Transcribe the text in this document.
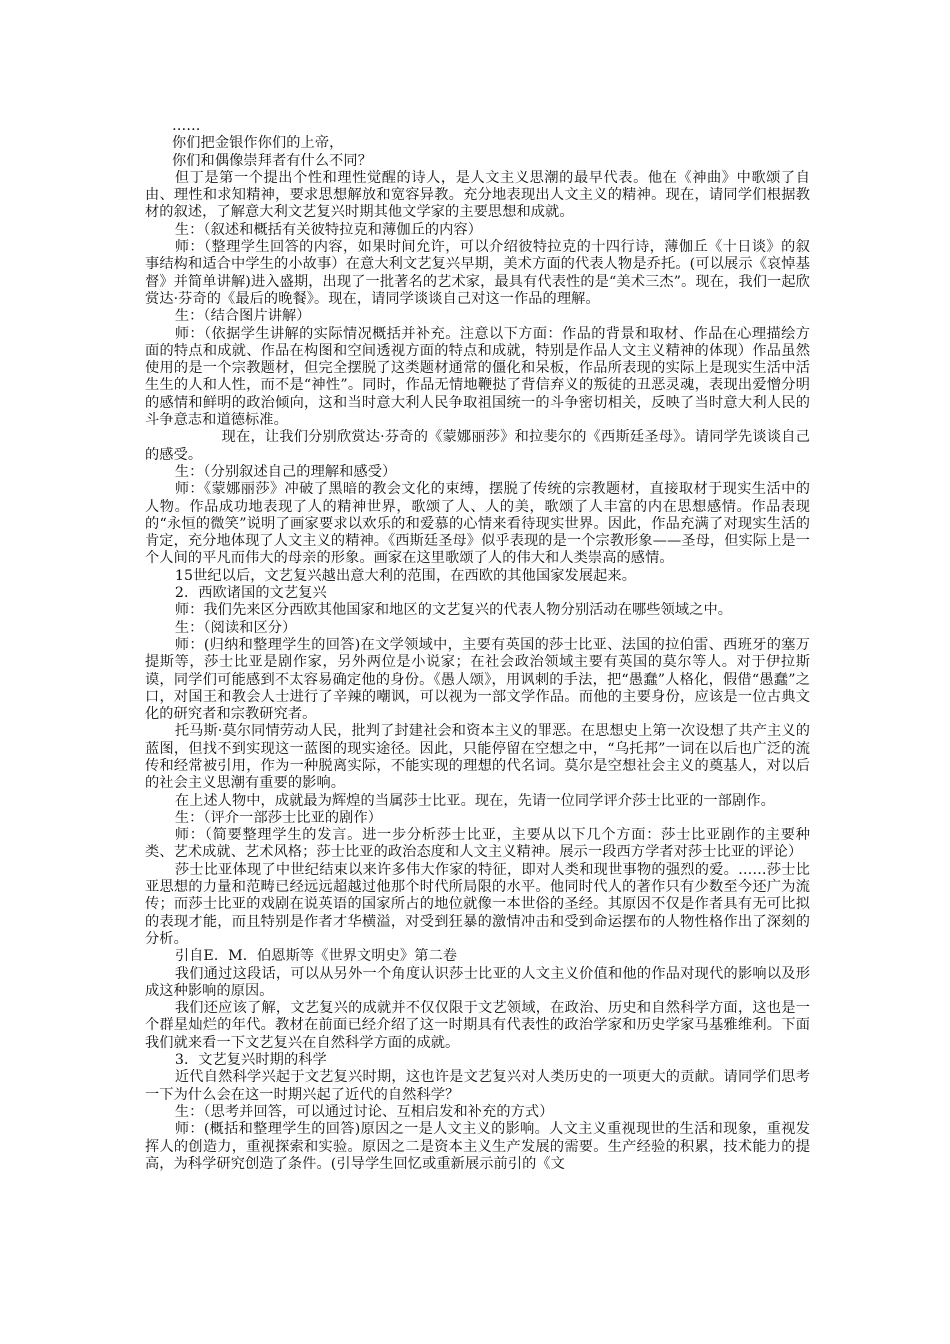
……

你们把金银作你们的上帝，

你们和偶像崇拜者有什么不同？

但丁是第一个提出个性和理性觉醒的诗人，是人文主义思潮的最早代表。他在《神曲》中歌颂了自由、理性和求知精神，要求思想解放和宽容异教。充分地表现出人文主义的精神。现在，请同学们根据教材的叙述，了解意大利文艺复兴时期其他文学家的主要思想和成就。

生：（叙述和概括有关彼特拉克和薄伽丘的内容）

师：（整理学生回答的内容，如果时间允许，可以介绍彼特拉克的十四行诗，薄伽丘《十日谈》的叙事结构和适合中学生的小故事）在意大利文艺复兴早期，美术方面的代表人物是乔托。(可以展示《哀悼基督》并简单讲解)进入盛期，出现了一批著名的艺术家，最具有代表性的是“美术三杰”。现在，我们一起欣赏达·芬奇的《最后的晚餐》。现在，请同学谈谈自己对这一作品的理解。

生：（结合图片讲解）

师：（依据学生讲解的实际情况概括并补充。注意以下方面：作品的背景和取材、作品在心理描绘方面的特点和成就、作品在构图和空间透视方面的特点和成就，特别是作品人文主义精神的体现）作品虽然使用的是一个宗教题材，但完全摆脱了这类题材通常的僵化和呆板，作品所表现的实际上是现实生活中活生生的人和人性，而不是“神性”。同时，作品无情地鞭挞了背信弃义的叛徒的丑恶灵魂，表现出爱憎分明的感情和鲜明的政治倾向，这和当时意大利人民争取祖国统一的斗争密切相关，反映了当时意大利人民的斗争意志和道德标准。

现在，让我们分别欣赏达·芬奇的《蒙娜丽莎》和拉斐尔的《西斯廷圣母》。请同学先谈谈自己的感受。

生：（分别叙述自己的理解和感受）

师：《蒙娜丽莎》冲破了黑暗的教会文化的束缚，摆脱了传统的宗教题材，直接取材于现实生活中的人物。作品成功地表现了人的精神世界，歌颂了人、人的美，歌颂了人丰富的内在思想感情。作品表现的“永恒的微笑”说明了画家要求以欢乐的和爱慕的心情来看待现实世界。因此，作品充满了对现实生活的肯定，充分地体现了人文主义的精神。《西斯廷圣母》似乎表现的是一个宗教形象——圣母，但实际上是一个人间的平凡而伟大的母亲的形象。画家在这里歌颂了人的伟大和人类崇高的感情。

15世纪以后，文艺复兴越出意大利的范围，在西欧的其他国家发展起来。

2．西欧诸国的文艺复兴

师：我们先来区分西欧其他国家和地区的文艺复兴的代表人物分别活动在哪些领域之中。

生：（阅读和区分）

师：(归纳和整理学生的回答)在文学领域中，主要有英国的莎士比亚、法国的拉伯雷、西班牙的塞万提斯等，莎士比亚是剧作家，另外两位是小说家；在社会政治领域主要有英国的莫尔等人。对于伊拉斯谟，同学们可能感到不太容易确定他的身份。《愚人颂》，用讽刺的手法，把“愚蠢”人格化，假借“愚蠢”之口，对国王和教会人士进行了辛辣的嘲讽，可以视为一部文学作品。而他的主要身份，应该是一位古典文化的研究者和宗教研究者。

托马斯·莫尔同情劳动人民，批判了封建社会和资本主义的罪恶。在思想史上第一次设想了共产主义的蓝图，但找不到实现这一蓝图的现实途径。因此，只能停留在空想之中，“乌托邦”一词在以后也广泛的流传和经常被引用，作为一种脱离实际，不能实现的理想的代名词。莫尔是空想社会主义的奠基人，对以后的社会主义思潮有重要的影响。

在上述人物中，成就最为辉煌的当属莎士比亚。现在，先请一位同学评介莎士比亚的一部剧作。

生：（评介一部莎士比亚的剧作）

师：（简要整理学生的发言。进一步分析莎士比亚，主要从以下几个方面：莎士比亚剧作的主要种类、艺术成就、艺术风格；莎士比亚的政治态度和人文主义精神。展示一段西方学者对莎士比亚的评论）

莎士比亚体现了中世纪结束以来许多伟大作家的特征，即对人类和现世事物的强烈的爱。……莎士比亚思想的力量和范畴已经远远超越过他那个时代所局限的水平。他同时代人的著作只有少数至今还广为流传；而莎士比亚的戏剧在说英语的国家所占的地位就像一本世俗的圣经。其原因不仅是作者具有无可比拟的表现才能，而且特别是作者才华横溢，对受到狂暴的激情冲击和受到命运摆布的人物性格作出了深刻的分析。

引自E．M．伯恩斯等《世界文明史》第二卷

我们通过这段话，可以从另外一个角度认识莎士比亚的人文主义价值和他的作品对现代的影响以及形成这种影响的原因。

我们还应该了解，文艺复兴的成就并不仅仅限于文艺领域，在政治、历史和自然科学方面，这也是一个群星灿烂的年代。教材在前面已经介绍了这一时期具有代表性的政治学家和历史学家马基雅维利。下面我们就来看一下文艺复兴在自然科学方面的成就。

3．文艺复兴时期的科学

近代自然科学兴起于文艺复兴时期，这也许是文艺复兴对人类历史的一项更大的贡献。请同学们思考一下为什么会在这一时期兴起了近代的自然科学？

生：（思考并回答，可以通过讨论、互相启发和补充的方式）

师：(概括和整理学生的回答)原因之一是人文主义的影响。人文主义重视现世的生活和现象，重视发挥人的创造力，重视探索和实验。原因之二是资本主义生产发展的需要。生产经验的积累，技术能力的提高，为科学研究创造了条件。(引导学生回忆或重新展示前引的《文
